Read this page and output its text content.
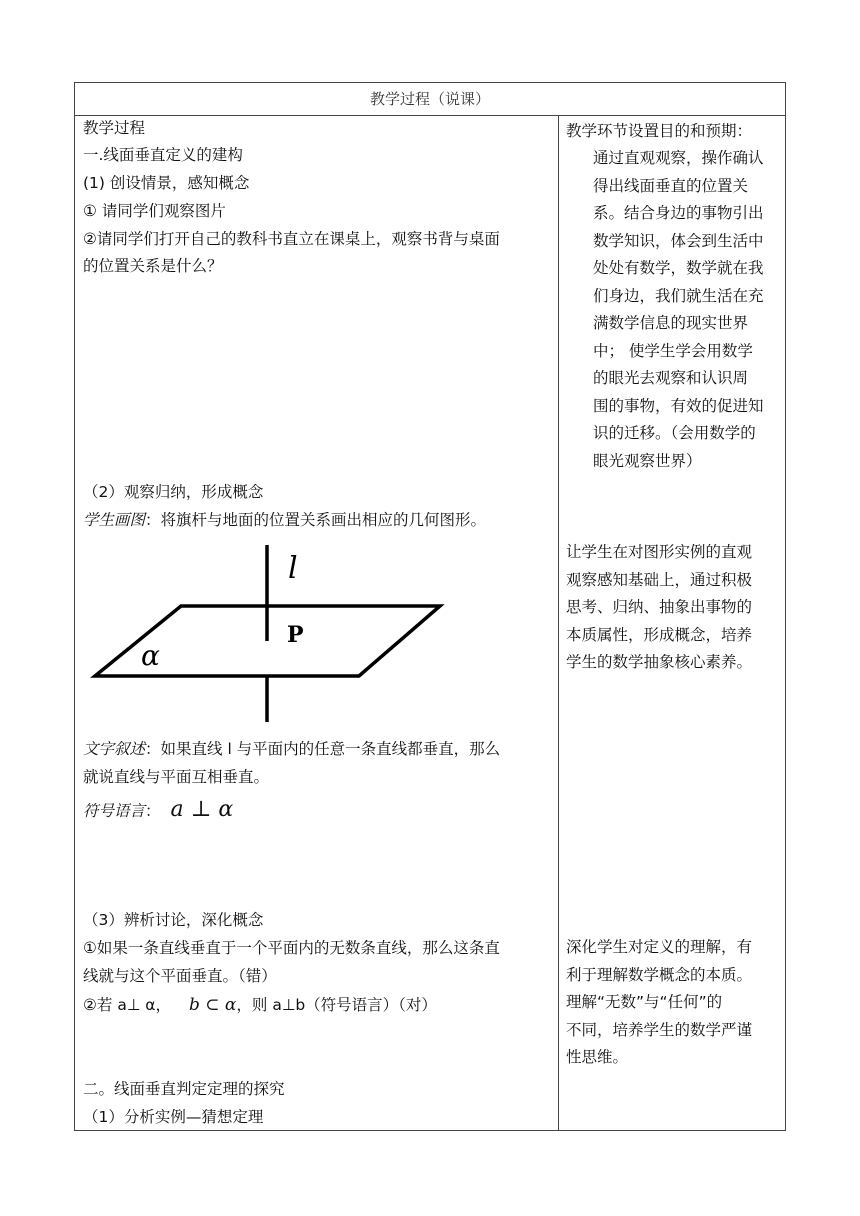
教学过程（说课）
教学过程
一.线面垂直定义的建构
(1) 创设情景，感知概念
① 请同学们观察图片
②请同学们打开自己的教科书直立在课桌上，观察书背与桌面
的位置关系是什么？
（2）观察归纳，形成概念
学生画图：将旗杆与地面的位置关系画出相应的几何图形。
l
P
α
文字叙述：如果直线 l 与平面内的任意一条直线都垂直，那么
就说直线与平面互相垂直。
符号语言： a ⊥ α
（3）辨析讨论，深化概念
①如果一条直线垂直于一个平面内的无数条直线，那么这条直
线就与这个平面垂直。（错）
②若 a⊥ α， b ⊂ α，则 a⊥b（符号语言）（对）
二。线面垂直判定定理的探究
（1）分析实例—猜想定理
教学环节设置目的和预期：
通过直观观察，操作确认
得出线面垂直的位置关
系。结合身边的事物引出
数学知识，体会到生活中
处处有数学，数学就在我
们身边，我们就生活在充
满数学信息的现实世界
中； 使学生学会用数学
的眼光去观察和认识周
围的事物，有效的促进知
识的迁移。（会用数学的
眼光观察世界）
让学生在对图形实例的直观
观察感知基础上，通过积极
思考、归纳、抽象出事物的
本质属性，形成概念，培养
学生的数学抽象核心素养。
深化学生对定义的理解，有
利于理解数学概念的本质。
理解“无数”与“任何”的
不同，培养学生的数学严谨
性思维。
